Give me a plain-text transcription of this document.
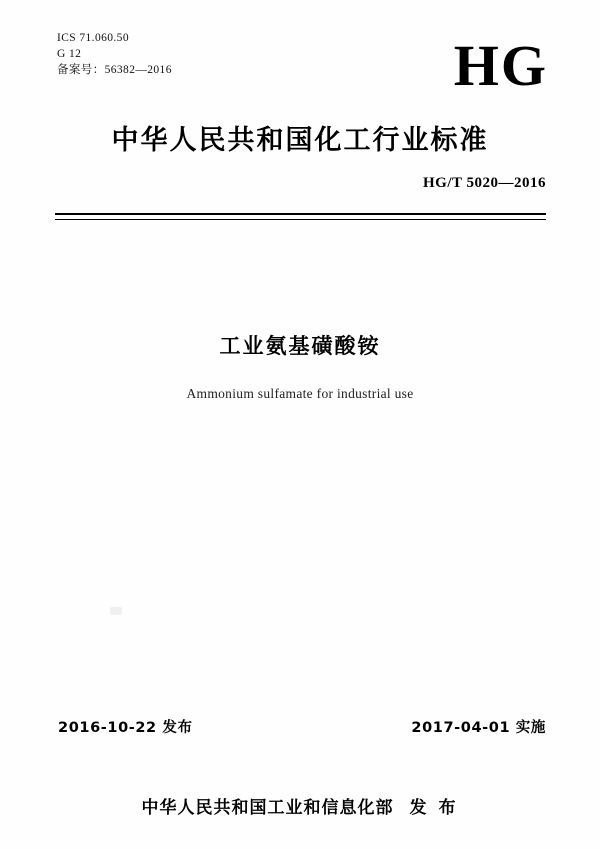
ICS 71.060.50
G 12
备案号：56382—2016	HG
中华人民共和国化工行业标准
HG/T 5020—2016
工业氨基磺酸铵
Ammonium sulfamate for industrial use
2016-10-22 发布	2017-04-01 实施
中华人民共和国工业和信息化部 发 布
